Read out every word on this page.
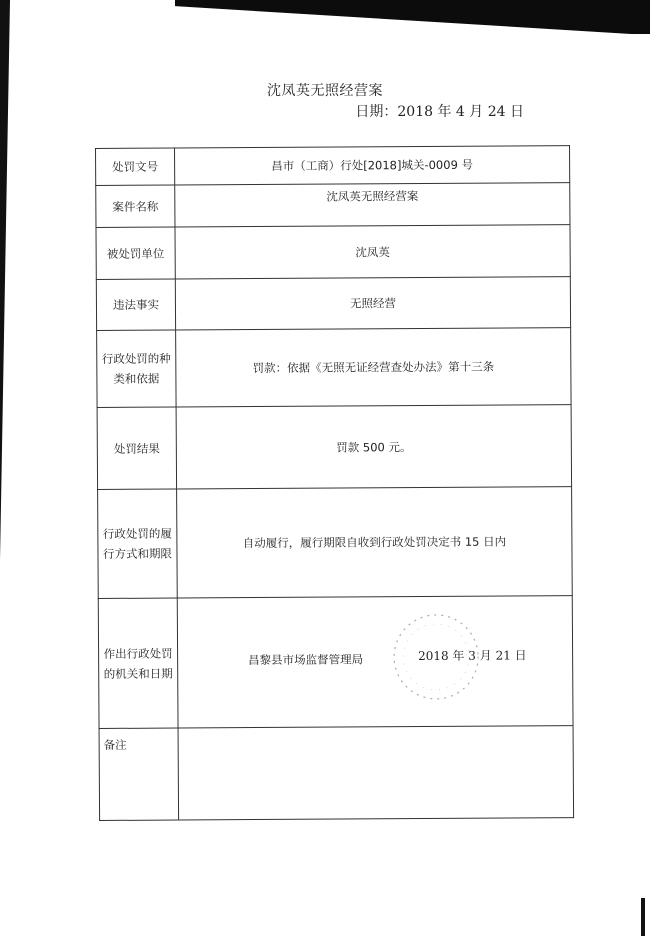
沈凤英无照经营案
日期：2018 年 4 月 24 日
处罚文号	昌市（工商）行处[2018]城关-0009 号
案件名称	沈凤英无照经营案
被处罚单位	沈凤英
违法事实	无照经营
行政处罚的种类和依据	罚款：依据《无照无证经营查处办法》第十三条
处罚结果	罚款 500 元。
行政处罚的履行方式和期限	自动履行，履行期限自收到行政处罚决定书 15 日内
作出行政处罚的机关和日期	昌黎县市场监督管理局 2018 年 3 月 21 日

备注	
